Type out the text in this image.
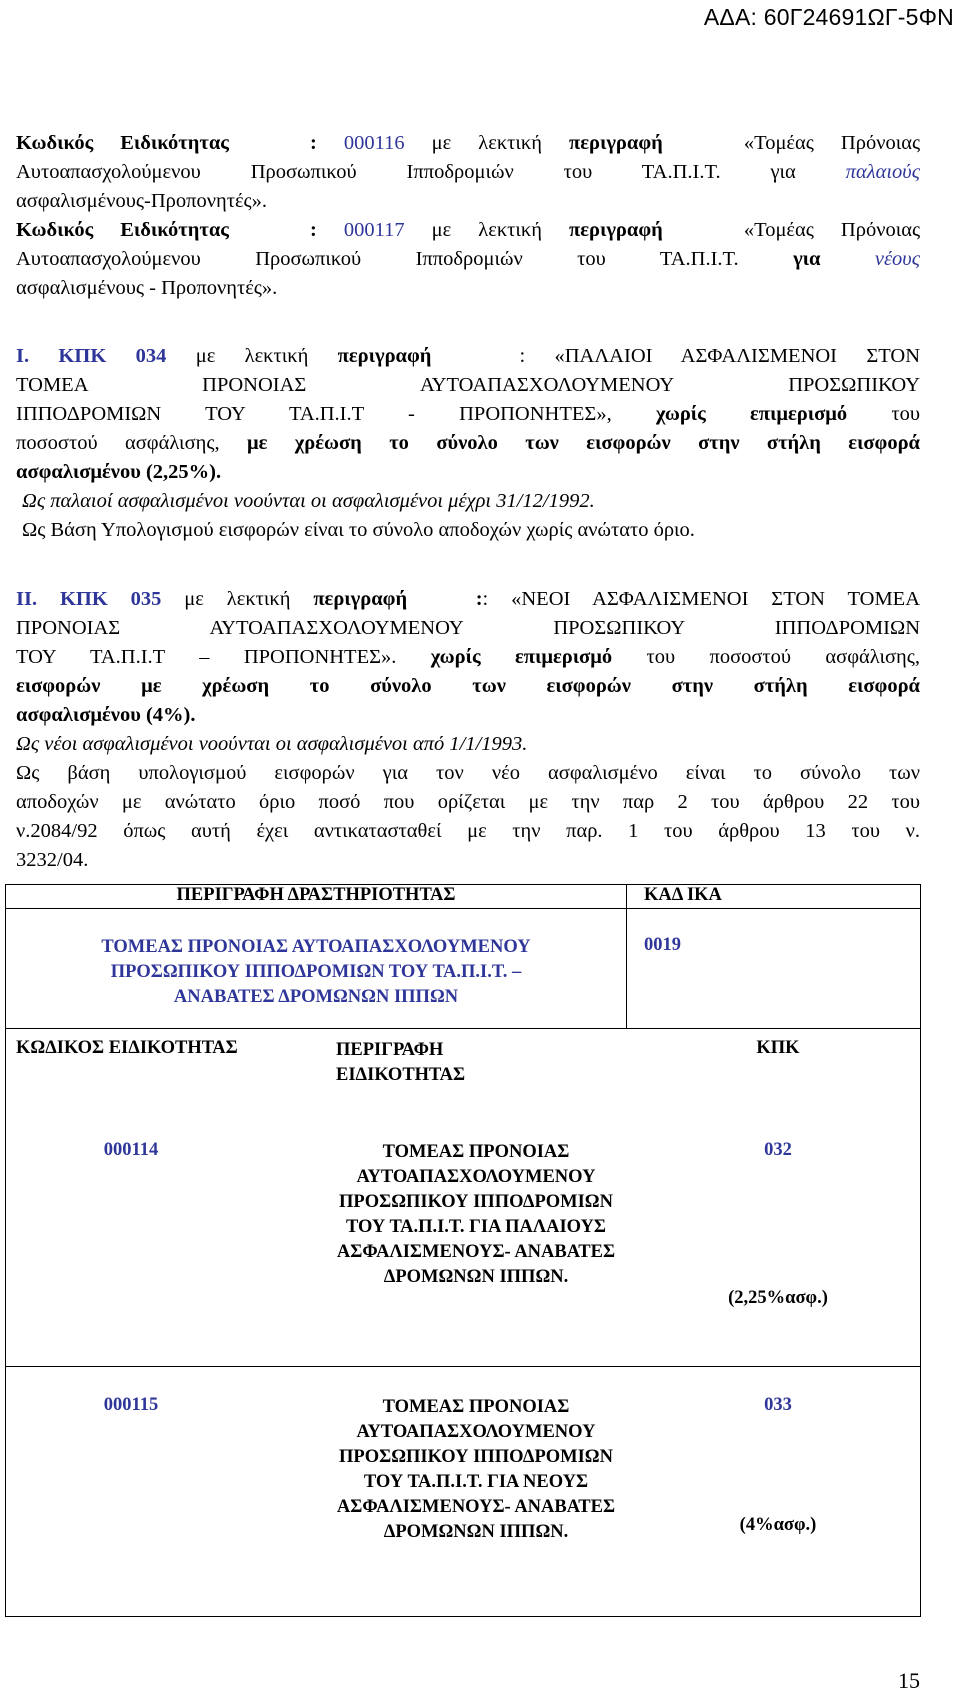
ΑΔΑ: 60Γ24691ΩΓ-5ΦΝ
Κωδικός Ειδικότητας	: 000116 με λεκτική περιγραφή	«Τομέας Πρόνοιας
Αυτοαπασχολούμενου Προσωπικού Ιπποδρομιών του ΤΑ.Π.Ι.Τ. για παλαιούς
ασφαλισμένους-Προπονητές».
Κωδικός Ειδικότητας	: 000117 με λεκτική περιγραφή	«Τομέας Πρόνοιας
Αυτοαπασχολούμενου Προσωπικού Ιπποδρομιών του ΤΑ.Π.Ι.Τ.	για	νέους
ασφαλισμένους - Προπονητές».
Ι. ΚΠΚ 034 με λεκτική περιγραφή	: «ΠΑΛΑΙΟΙ ΑΣΦΑΛΙΣΜΕΝΟΙ ΣΤΟΝ
ΤΟΜΕΑ ΠΡΟΝΟΙΑΣ ΑΥΤΟΑΠΑΣΧΟΛΟΥΜΕΝΟΥ ΠΡΟΣΩΠΙΚΟΥ
ΙΠΠΟΔΡΟΜΙΩΝ ΤΟΥ ΤΑ.Π.Ι.Τ - ΠΡΟΠΟΝΗΤΕΣ», χωρίς επιμερισμό του
ποσοστού ασφάλισης, με χρέωση το σύνολο των εισφορών στην στήλη εισφορά
ασφαλισμένου (2,25%).
Ως παλαιοί ασφαλισμένοι νοούνται οι ασφαλισμένοι μέχρι 31/12/1992.
Ως Βάση Υπολογισμού εισφορών είναι το σύνολο αποδοχών χωρίς ανώτατο όριο.
ΙΙ. ΚΠΚ 035 με λεκτική περιγραφή	:: «ΝΕΟΙ ΑΣΦΑΛΙΣΜΕΝΟΙ ΣΤΟΝ ΤΟΜΕΑ
ΠΡΟΝΟΙΑΣ ΑΥΤΟΑΠΑΣΧΟΛΟΥΜΕΝΟΥ ΠΡΟΣΩΠΙΚΟΥ ΙΠΠΟΔΡΟΜΙΩΝ
ΤΟΥ ΤΑ.Π.Ι.Τ – ΠΡΟΠΟΝΗΤΕΣ». χωρίς επιμερισμό του ποσοστού ασφάλισης,
εισφορών με χρέωση το σύνολο των εισφορών στην στήλη εισφορά
ασφαλισμένου (4%).
Ως νέοι ασφαλισμένοι νοούνται οι ασφαλισμένοι από 1/1/1993.
Ως βάση υπολογισμού εισφορών για τον νέο ασφαλισμένο είναι το σύνολο των
αποδοχών με ανώτατο όριο ποσό που ορίζεται με την παρ 2 του άρθρου 22 του
ν.2084/92 όπως αυτή έχει αντικατασταθεί με την παρ. 1 του άρθρου 13 του ν.
3232/04.
ΠΕΡΙΓΡΑΦΗ ΔΡΑΣΤΗΡΙΟΤΗΤΑΣ	ΚΑΔ ΙΚΑ

ΤΟΜΕΑΣ ΠΡΟΝΟΙΑΣ ΑΥΤΟΑΠΑΣΧΟΛΟΥΜΕΝΟΥ
ΠΡΟΣΩΠΙΚΟΥ ΙΠΠΟΔΡΟΜΙΩΝ ΤΟΥ ΤΑ.Π.Ι.Τ. –
ΑΝΑΒΑΤΕΣ ΔΡΟΜΩΝΩΝ ΙΠΠΩΝ	0019
ΚΩΔΙΚΟΣ ΕΙΔΙΚΟΤΗΤΑΣ	ΠΕΡΙΓΡΑΦΗ ΕΙΔΙΚΟΤΗΤΑΣ	ΚΠΚ
000114	ΤΟΜΕΑΣ ΠΡΟΝΟΙΑΣ ΑΥΤΟΑΠΑΣΧΟΛΟΥΜΕΝΟΥ ΠΡΟΣΩΠΙΚΟΥ ΙΠΠΟΔΡΟΜΙΩΝ ΤΟΥ ΤΑ.Π.Ι.Τ. ΓΙΑ ΠΑΛΑΙΟΥΣ ΑΣΦΑΛΙΣΜΕΝΟΥΣ- ΑΝΑΒΑΤΕΣ ΔΡΟΜΩΝΩΝ ΙΠΠΩΝ.	032
(2,25%ασφ.)

000115	ΤΟΜΕΑΣ ΠΡΟΝΟΙΑΣ ΑΥΤΟΑΠΑΣΧΟΛΟΥΜΕΝΟΥ ΠΡΟΣΩΠΙΚΟΥ ΙΠΠΟΔΡΟΜΙΩΝ ΤΟΥ ΤΑ.Π.Ι.Τ. ΓΙΑ ΝΕΟΥΣ ΑΣΦΑΛΙΣΜΕΝΟΥΣ- ΑΝΑΒΑΤΕΣ ΔΡΟΜΩΝΩΝ ΙΠΠΩΝ.	033
(4%ασφ.)
15
